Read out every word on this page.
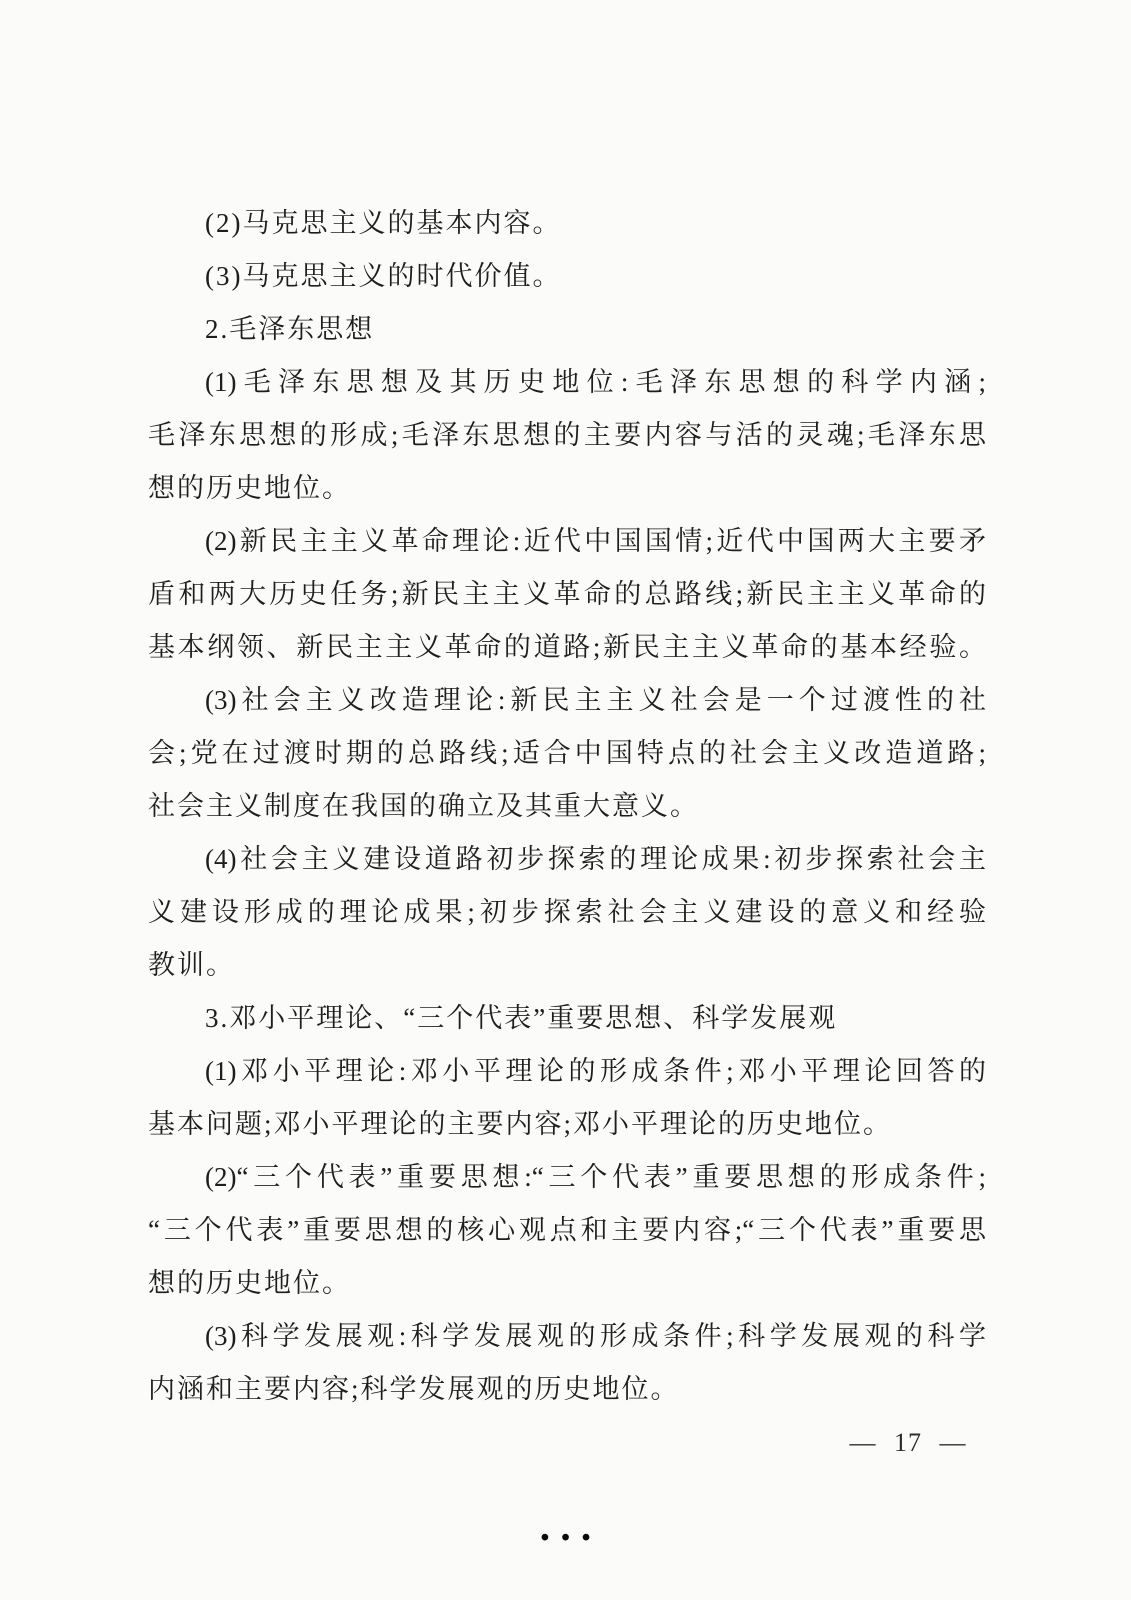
(2)马克思主义的基本内容。
(3)马克思主义的时代价值。
2.毛泽东思想
(1)毛泽东思想及其历史地位:毛泽东思想的科学内涵;
毛泽东思想的形成;毛泽东思想的主要内容与活的灵魂;毛泽东思
想的历史地位。
(2)新民主主义革命理论:近代中国国情;近代中国两大主要矛
盾和两大历史任务;新民主主义革命的总路线;新民主主义革命的
基本纲领、新民主主义革命的道路;新民主主义革命的基本经验。
(3)社会主义改造理论:新民主主义社会是一个过渡性的社
会;党在过渡时期的总路线;适合中国特点的社会主义改造道路;
社会主义制度在我国的确立及其重大意义。
(4)社会主义建设道路初步探索的理论成果:初步探索社会主
义建设形成的理论成果;初步探索社会主义建设的意义和经验
教训。
3.邓小平理论、“三个代表”重要思想、科学发展观
(1)邓小平理论:邓小平理论的形成条件;邓小平理论回答的
基本问题;邓小平理论的主要内容;邓小平理论的历史地位。
(2)“三个代表”重要思想:“三个代表”重要思想的形成条件;
“三个代表”重要思想的核心观点和主要内容;“三个代表”重要思
想的历史地位。
(3)科学发展观:科学发展观的形成条件;科学发展观的科学
内涵和主要内容;科学发展观的历史地位。
— 17 —
•••
